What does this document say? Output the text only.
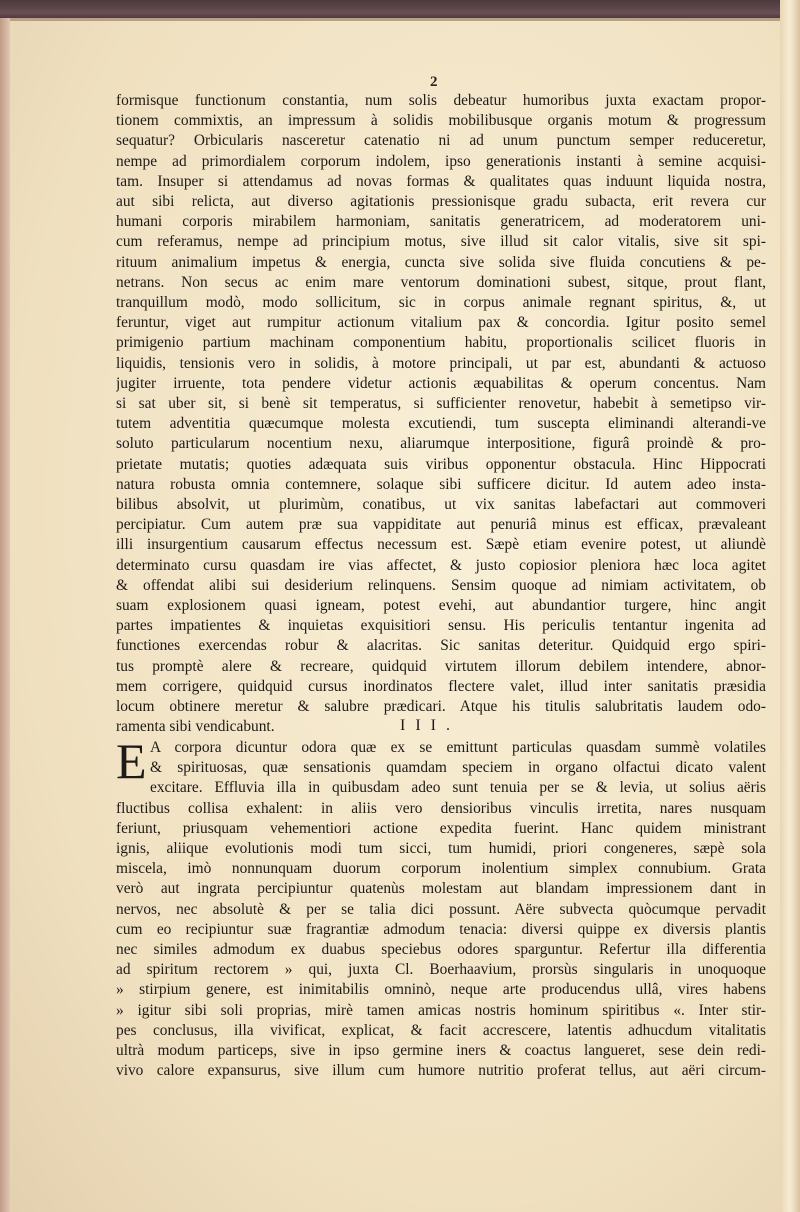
2
formisque functionum constantia, num solis debeatur humoribus juxta exactam propor-
tionem commixtis, an impressum à solidis mobilibusque organis motum & progressum
sequatur? Orbicularis nasceretur catenatio ni ad unum punctum semper reduceretur,
nempe ad primordialem corporum indolem, ipso generationis instanti à semine acquisi-
tam. Insuper si attendamus ad novas formas & qualitates quas induunt liquida nostra,
aut sibi relicta, aut diverso agitationis pressionisque gradu subacta, erit revera cur
humani corporis mirabilem harmoniam, sanitatis generatricem, ad moderatorem uni-
cum referamus, nempe ad principium motus, sive illud sit calor vitalis, sive sit spi-
rituum animalium impetus & energia, cuncta sive solida sive fluida concutiens & pe-
netrans. Non secus ac enim mare ventorum dominationi subest, sitque, prout flant,
tranquillum modò, modo sollicitum, sic in corpus animale regnant spiritus, &, ut
feruntur, viget aut rumpitur actionum vitalium pax & concordia. Igitur posito semel
primigenio partium machinam componentium habitu, proportionalis scilicet fluoris in
liquidis, tensionis vero in solidis, à motore principali, ut par est, abundanti & actuoso
jugiter irruente, tota pendere videtur actionis æquabilitas & operum concentus. Nam
si sat uber sit, si benè sit temperatus, si sufficienter renovetur, habebit à semetipso vir-
tutem adventitia quæcumque molesta excutiendi, tum suscepta eliminandi alterandi-ve
soluto particularum nocentium nexu, aliarumque interpositione, figurâ proindè & pro-
prietate mutatis; quoties adæquata suis viribus opponentur obstacula. Hinc Hippocrati
natura robusta omnia contemnere, solaque sibi sufficere dicitur. Id autem adeo insta-
bilibus absolvit, ut plurimùm, conatibus, ut vix sanitas labefactari aut commoveri
percipiatur. Cum autem præ sua vappiditate aut penuriâ minus est efficax, prævaleant
illi insurgentium causarum effectus necessum est. Sæpè etiam evenire potest, ut aliundè
determinato cursu quasdam ire vias affectet, & justo copiosior pleniora hæc loca agitet
& offendat alibi sui desiderium relinquens. Sensim quoque ad nimiam activitatem, ob
suam explosionem quasi igneam, potest evehi, aut abundantior turgere, hinc angit
partes impatientes & inquietas exquisitiori sensu. His periculis tentantur ingenita ad
functiones exercendas robur & alacritas. Sic sanitas deteritur. Quidquid ergo spiri-
tus promptè alere & recreare, quidquid virtutem illorum debilem intendere, abnor-
mem corrigere, quidquid cursus inordinatos flectere valet, illud inter sanitatis præsidia
locum obtinere meretur & salubre prædicari. Atque his titulis salubritatis laudem odo-
ramenta sibi vendicabunt.	III.
E A corpora dicuntur odora quæ ex se emittunt particulas quasdam summè volatiles
& spirituosas, quæ sensationis quamdam speciem in organo olfactui dicato valent
excitare. Effluvia illa in quibusdam adeo sunt tenuia per se & levia, ut solius aëris
fluctibus collisa exhalent: in aliis vero densioribus vinculis irretita, nares nusquam
feriunt, priusquam vehementiori actione expedita fuerint. Hanc quidem ministrant
ignis, aliique evolutionis modi tum sicci, tum humidi, priori congeneres, sæpè sola
miscela, imò nonnunquam duorum corporum inolentium simplex connubium. Grata
verò aut ingrata percipiuntur quatenùs molestam aut blandam impressionem dant in
nervos, nec absolutè & per se talia dici possunt. Aëre subvecta quòcumque pervadit
cum eo recipiuntur suæ fragrantiæ admodum tenacia: diversi quippe ex diversis plantis
nec similes admodum ex duabus speciebus odores sparguntur. Refertur illa differentia
ad spiritum rectorem » qui, juxta Cl. Boerhaavium, prorsùs singularis in unoquoque
» stirpium genere, est inimitabilis omninò, neque arte producendus ullâ, vires habens
» igitur sibi soli proprias, mirè tamen amicas nostris hominum spiritibus «. Inter stir-
pes conclusus, illa vivificat, explicat, & facit accrescere, latentis adhucdum vitalitatis
ultrà modum particeps, sive in ipso germine iners & coactus langueret, sese dein redi-
vivo calore expansurus, sive illum cum humore nutritio proferat tellus, aut aëri circum-
